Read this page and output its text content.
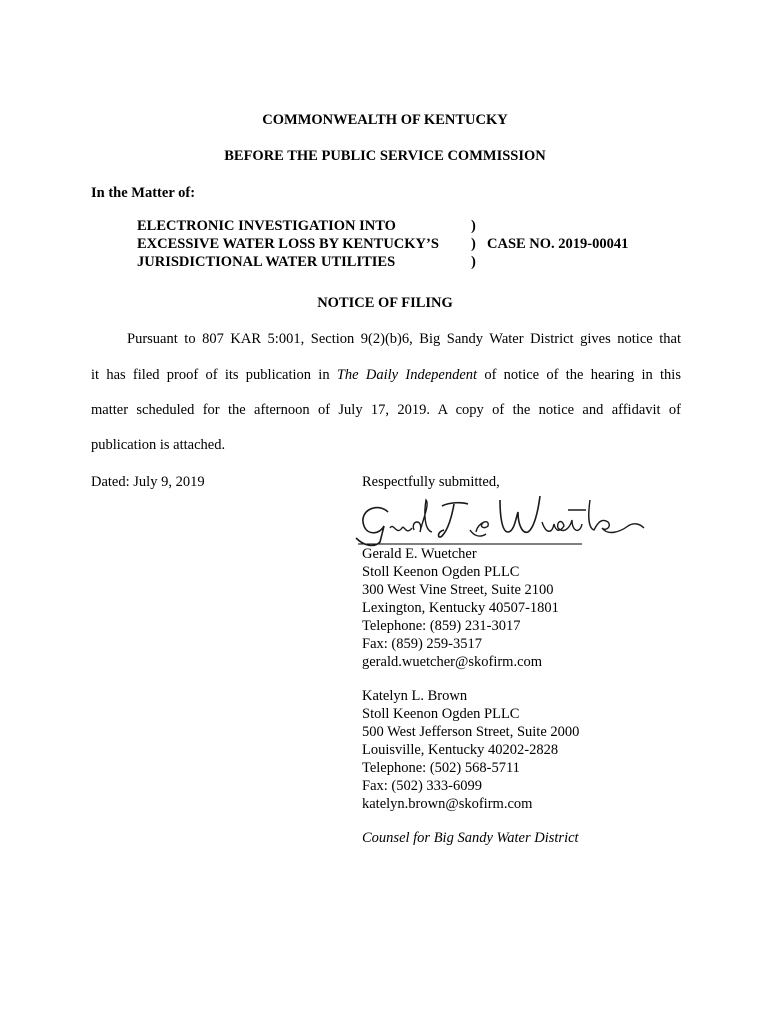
COMMONWEALTH OF KENTUCKY
BEFORE THE PUBLIC SERVICE COMMISSION
In the Matter of:
ELECTRONIC INVESTIGATION INTO
EXCESSIVE WATER LOSS BY KENTUCKY’S
JURISDICTIONAL WATER UTILITIES
)
)
)
CASE NO. 2019-00041
NOTICE OF FILING
Pursuant to 807 KAR 5:001, Section 9(2)(b)6, Big Sandy Water District gives notice that
it has filed proof of its publication in The Daily Independent of notice of the hearing in this
matter scheduled for the afternoon of July 17, 2019. A copy of the notice and affidavit of
publication is attached.
Dated: July 9, 2019	Respectfully submitted,
Gerald E. Wuetcher
Stoll Keenon Ogden PLLC
300 West Vine Street, Suite 2100
Lexington, Kentucky 40507-1801
Telephone: (859) 231-3017
Fax: (859) 259-3517
gerald.wuetcher@skofirm.com
Katelyn L. Brown
Stoll Keenon Ogden PLLC
500 West Jefferson Street, Suite 2000
Louisville, Kentucky 40202-2828
Telephone: (502) 568-5711
Fax: (502) 333-6099
katelyn.brown@skofirm.com
Counsel for Big Sandy Water District
